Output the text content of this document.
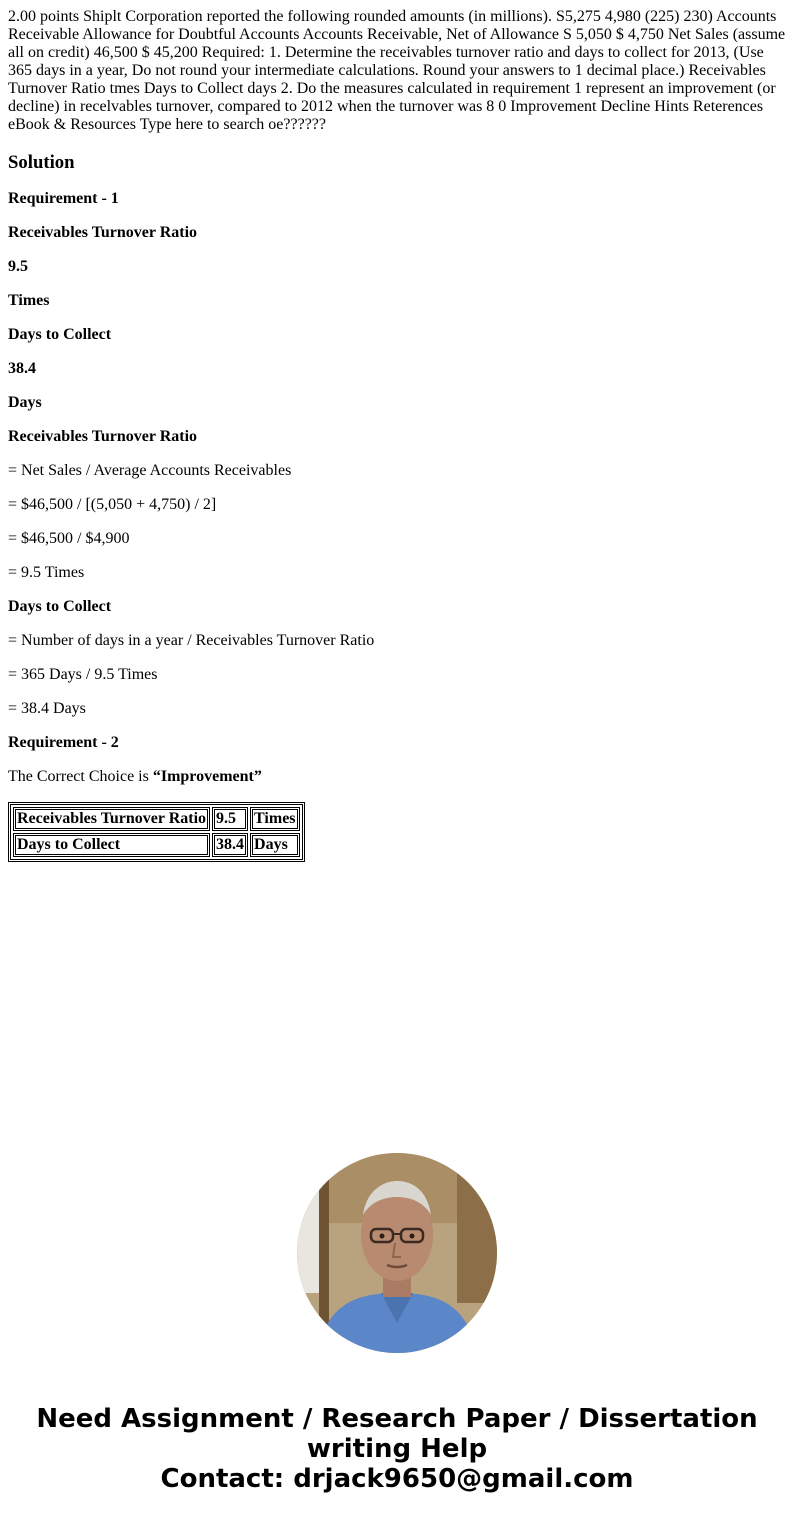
2.00 points Shiplt Corporation reported the following rounded amounts (in millions). S5,275 4,980 (225) 230) Accounts Receivable Allowance for Doubtful Accounts Accounts Receivable, Net of Allowance S 5,050 $ 4,750 Net Sales (assume all on credit) 46,500 $ 45,200 Required: 1. Determine the receivables turnover ratio and days to collect for 2013, (Use 365 days in a year, Do not round your intermediate calculations. Round your answers to 1 decimal place.) Receivables Turnover Ratio tmes Days to Collect days 2. Do the measures calculated in requirement 1 represent an improvement (or decline) in recelvables turnover, compared to 2012 when the turnover was 8 0 Improvement Decline Hints Reterences eBook & Resources Type here to search oe??????
Solution

Requirement - 1

Receivables Turnover Ratio

9.5

Times

Days to Collect

38.4

Days

Receivables Turnover Ratio

= Net Sales / Average Accounts Receivables

= $46,500 / [(5,050 + 4,750) / 2]

= $46,500 / $4,900

= 9.5 Times

Days to Collect

= Number of days in a year / Receivables Turnover Ratio

= 365 Days / 9.5 Times

= 38.4 Days

Requirement - 2

The Correct Choice is “Improvement”

Receivables Turnover Ratio	9.5	Times
Days to Collect	38.4	Days
Need Assignment / Research Paper / Dissertation
writing Help
Contact: drjack9650@gmail.com
